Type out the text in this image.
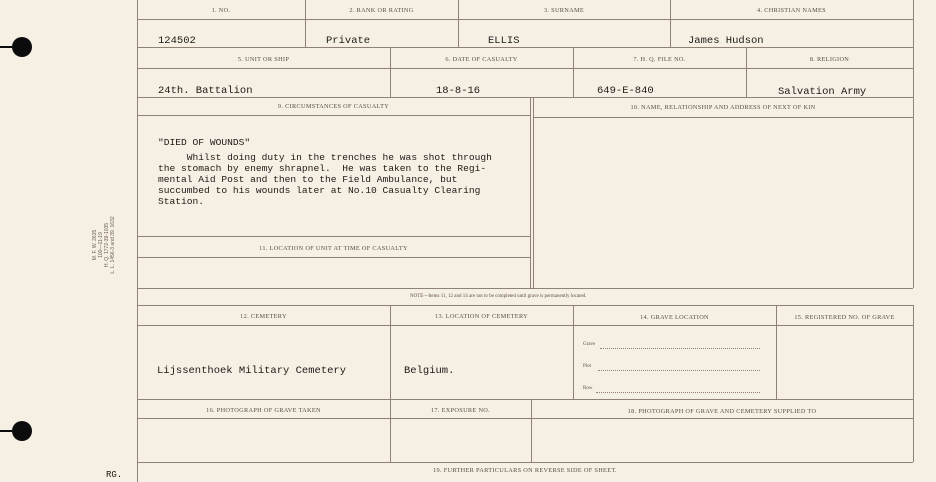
1. NO.	2. RANK OR RATING	3. SURNAME	4. CHRISTIAN NAMES
124502	Private	ELLIS	James Hudson
5. UNIT OR SHIP	6. DATE OF CASUALTY	7. H. Q. FILE NO.	8. RELIGION
24th. Battalion	18-8-16	649-E-840	Salvation Army
9. CIRCUMSTANCES OF CASUALTY	10. NAME, RELATIONSHIP AND ADDRESS OF NEXT OF KIN
"DIED OF WOUNDS"
Whilst doing duty in the trenches he was shot through
the stomach by enemy shrapnel.  He was taken to the Regi-
mental Aid Post and then to the Field Ambulance, but
succumbed to his wounds later at No.10 Casualty Clearing
Station.
11. LOCATION OF UNIT AT TIME OF CASUALTY
NOTE—Items 11, 12 and 14 are not to be completed until grave is permanently located.
12. CEMETERY	13. LOCATION OF CEMETERY	14. GRAVE LOCATION	15. REGISTERED NO. OF GRAVE
Lijssenthoek Military Cemetery	Belgium.
Grave
Plot
Row
16. PHOTOGRAPH OF GRAVE TAKEN	17. EXPOSURE NO.	18. PHOTOGRAPH OF GRAVE AND CEMETERY SUPPLIED TO
19. FURTHER PARTICULARS ON REVERSE SIDE OF SHEET.
M. F. W. 2635
100—11-19
H. Q. 1772-39-1035
L. L. 1456-3 and 39. 1632
RG.
